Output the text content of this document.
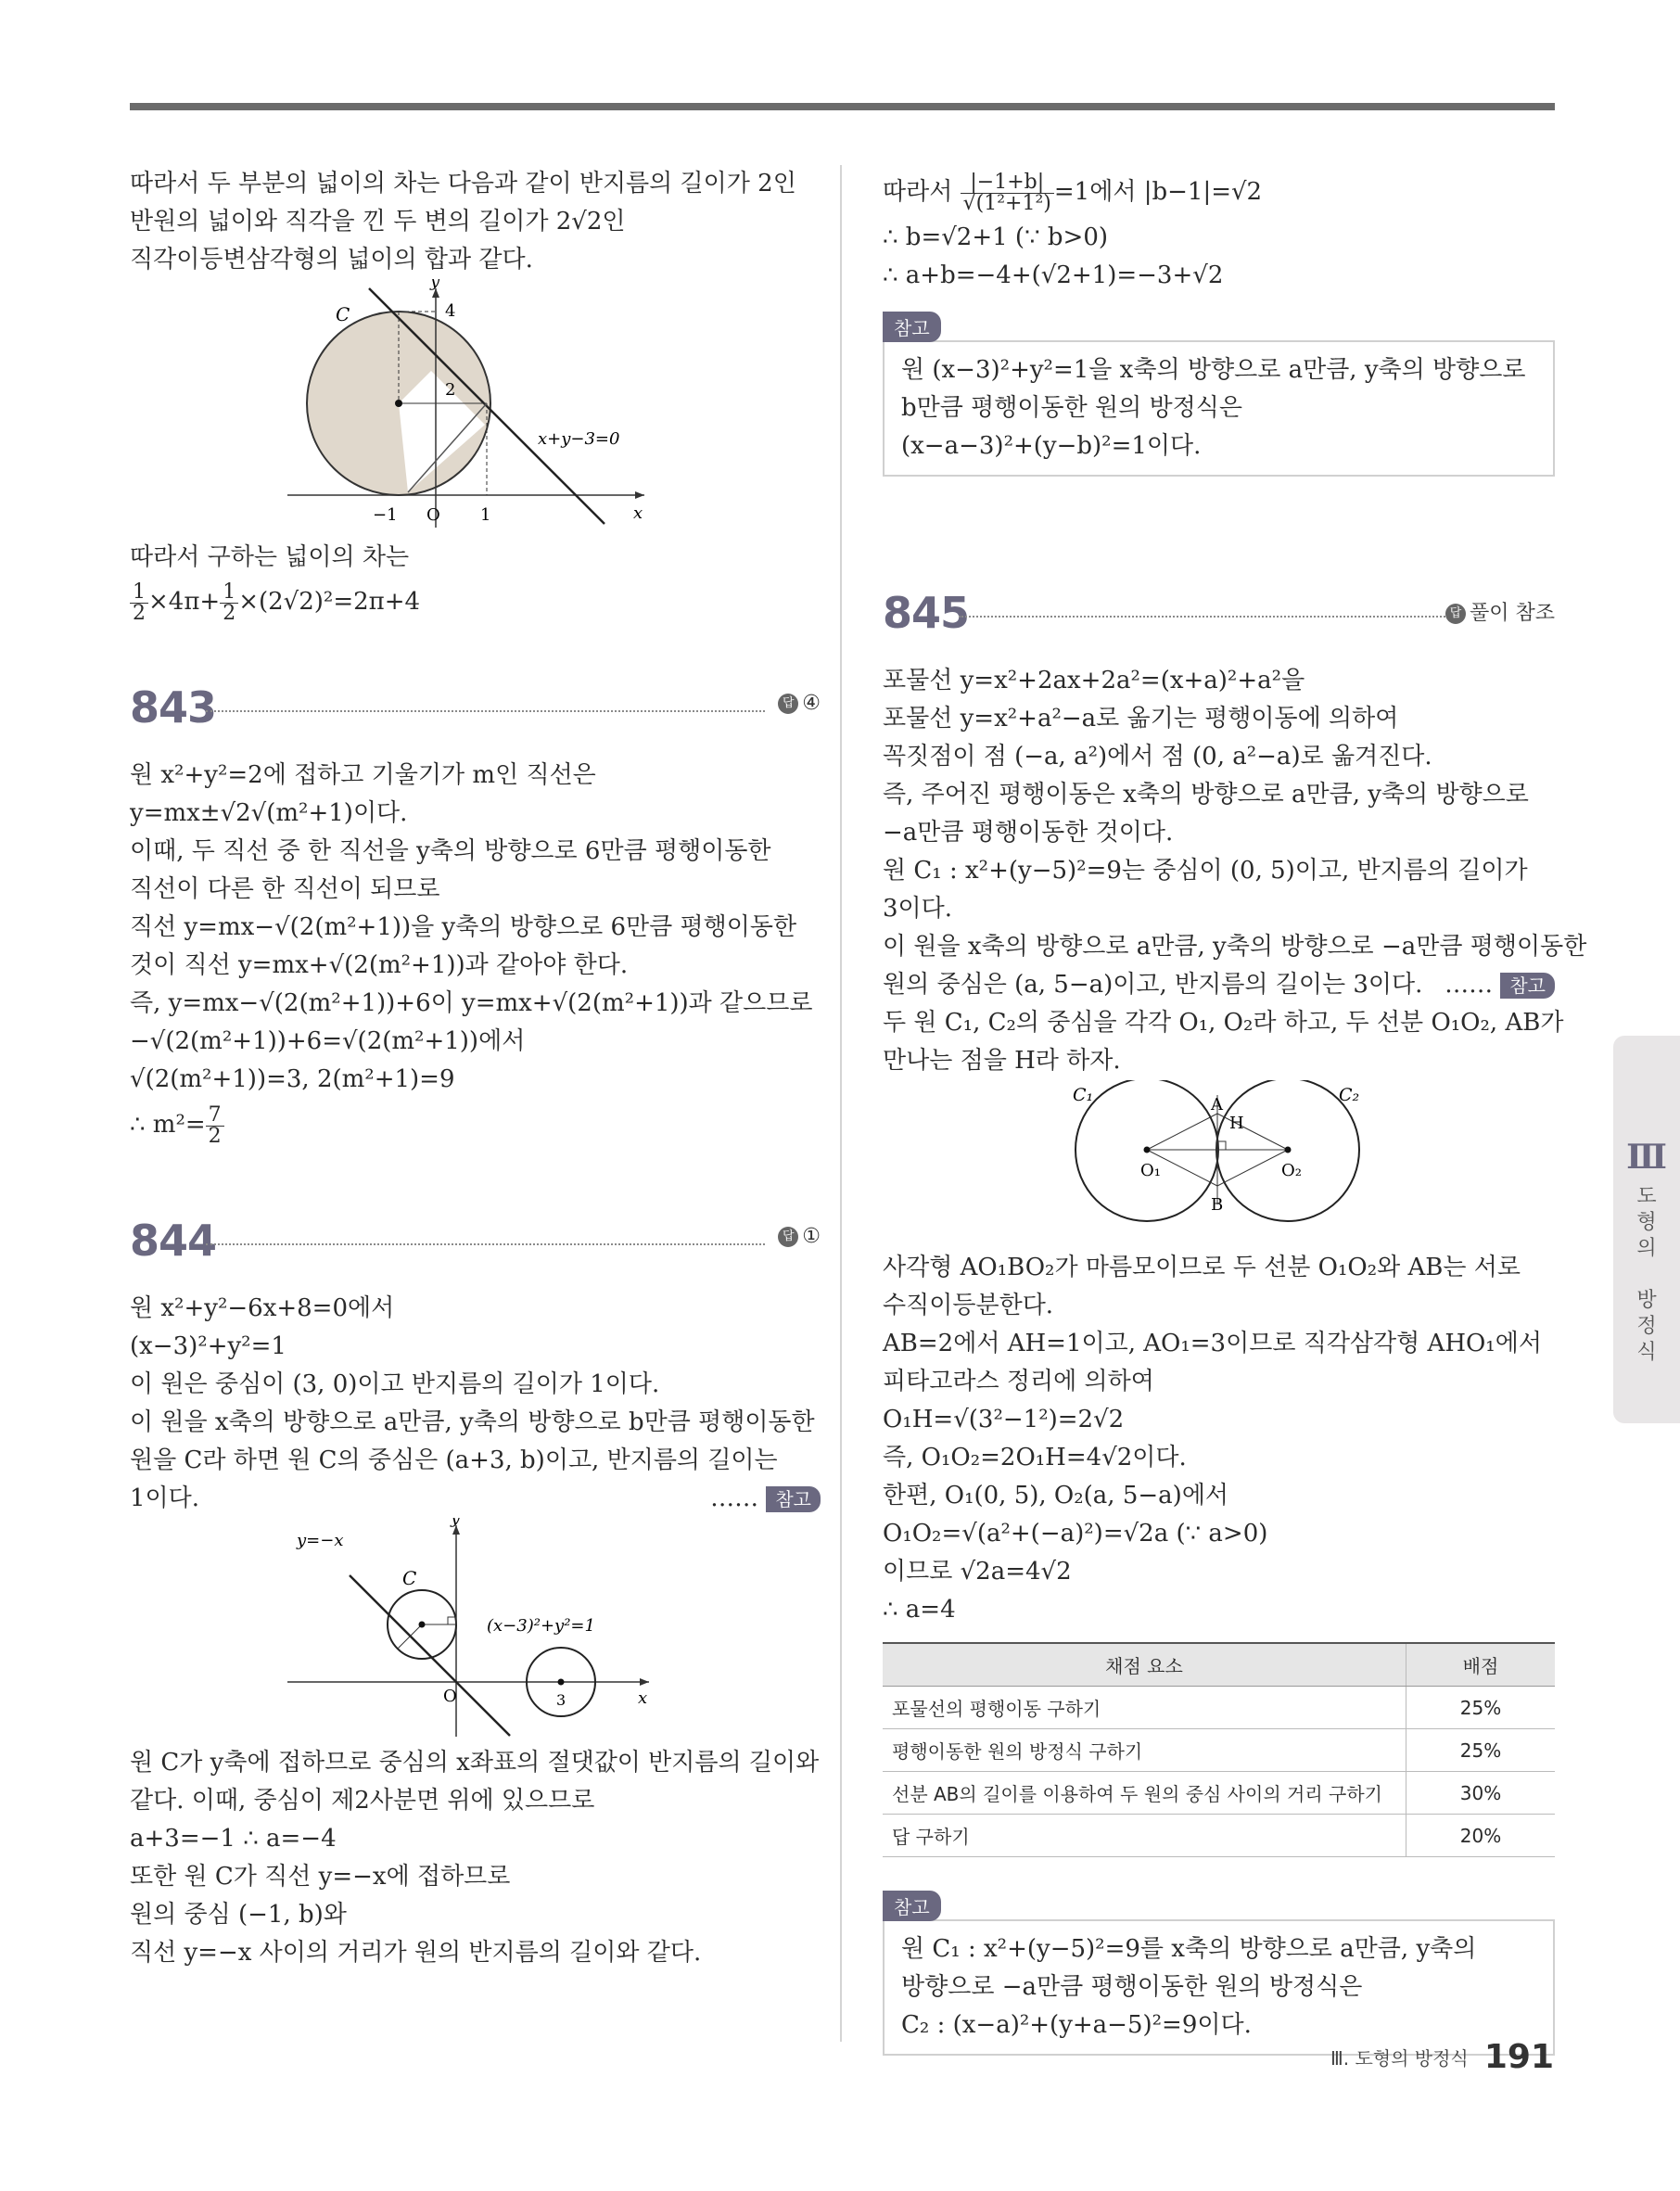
따라서 두 부분의 넓이의 차는 다음과 같이 반지름의 길이가 2인
반원의 넓이와 직각을 낀 두 변의 길이가 2√2인
직각이등변삼각형의 넓이의 합과 같다.
C
y
x
4
2
−1 O 1
x+y−3=0
따라서 구하는 넓이의 차는
$\frac{1}{2} \times 4\pi+ \frac{1}{2} \times(2√2)^2=2\pi+4$
843	답 ④
원 x²+y²=2에 접하고 기울기가 m인 직선은
y=mx±√2√(m²+1)이다.
이때, 두 직선 중 한 직선을 y축의 방향으로 6만큼 평행이동한
직선이 다른 한 직선이 되므로
직선 y=mx−√(2(m²+1))을 y축의 방향으로 6만큼 평행이동한
것이 직선 y=mx+√(2(m²+1))과 같아야 한다.
즉, y=mx−√(2(m²+1))+6이 y=mx+√(2(m²+1))과 같으므로
−√(2(m²+1))+6=√(2(m²+1))에서
√(2(m²+1))=3, 2(m²+1)=9
∴ $m^2= \frac{7}{2}$
844	답 ①
원 x²+y²−6x+8=0에서
(x−3)²+y²=1
이 원은 중심이 (3, 0)이고 반지름의 길이가 1이다.
이 원을 x축의 방향으로 a만큼, y축의 방향으로 b만큼 평행이동한
원을 C라 하면 원 C의 중심은 (a+3, b)이고, 반지름의 길이는
1이다.	…… 참고
y=−x
C
y
x
O	3
(x−3)²+y²=1
원 C가 y축에 접하므로 중심의 x좌표의 절댓값이 반지름의 길이와
같다. 이때, 중심이 제2사분면 위에 있으므로
a+3=−1 ∴ a=−4
또한 원 C가 직선 y=−x에 접하므로
원의 중심 (−1, b)와
직선 y=−x 사이의 거리가 원의 반지름의 길이와 같다.
따라서 $\frac{|-1+b|}{\text{√(1²+1²)}} =1$에서 |b−1|=√2
∴ b=√2+1 (∵ b>0)
∴ a+b=−4+(√2+1)=−3+√2
참고
원 (x−3)²+y²=1을 x축의 방향으로 a만큼, y축의 방향으로
b만큼 평행이동한 원의 방정식은
(x−a−3)²+(y−b)²=1이다.
845	답 풀이 참조
포물선 y=x²+2ax+2a²=(x+a)²+a²을
포물선 y=x²+a²−a로 옮기는 평행이동에 의하여
꼭짓점이 점 (−a, a²)에서 점 (0, a²−a)로 옮겨진다.
즉, 주어진 평행이동은 x축의 방향으로 a만큼, y축의 방향으로
−a만큼 평행이동한 것이다.
원 C₁ : x²+(y−5)²=9는 중심이 (0, 5)이고, 반지름의 길이가
3이다.
이 원을 x축의 방향으로 a만큼, y축의 방향으로 −a만큼 평행이동한
원의 중심은 (a, 5−a)이고, 반지름의 길이는 3이다. …… 참고
두 원 C₁, C₂의 중심을 각각 O₁, O₂라 하고, 두 선분 O₁O₂, AB가
만나는 점을 H라 하자.
C₁	C₂
A
H
B
O₁	O₂
사각형 AO₁BO₂가 마름모이므로 두 선분 O₁O₂와 AB는 서로
수직이등분한다.
AB=2에서 AH=1이고, AO₁=3이므로 직각삼각형 AHO₁에서
피타고라스 정리에 의하여
O₁H=√(3²−1²)=2√2
즉, O₁O₂=2O₁H=4√2이다.
한편, O₁(0, 5), O₂(a, 5−a)에서
O₁O₂=√(a²+(−a)²)=√2a (∵ a>0)
이므로 √2a=4√2
∴ a=4
채점 요소	배점
포물선의 평행이동 구하기	25%
평행이동한 원의 방정식 구하기	25%
선분 AB의 길이를 이용하여 두 원의 중심 사이의 거리 구하기	30%
답 구하기	20%
참고
원 C₁ : x²+(y−5)²=9를 x축의 방향으로 a만큼, y축의
방향으로 −a만큼 평행이동한 원의 방정식은
C₂ : (x−a)²+(y+a−5)²=9이다.
Ⅲ
도
형
의

방
정
식
Ⅲ. 도형의 방정식 191
